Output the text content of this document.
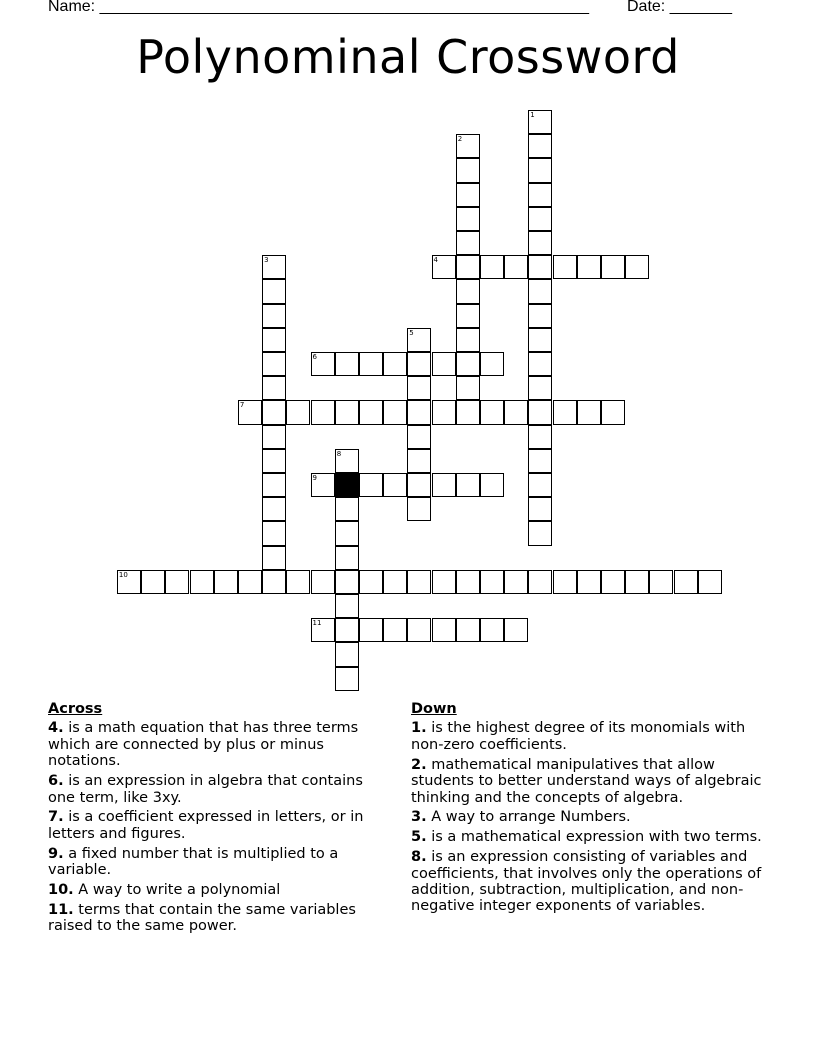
Name: _______________________________________________________ Date: _______
Polynominal Crossword
4
6
7
9
10
11
1
2
3
5
8
Across
4. is a math equation that has three terms which are connected by plus or minus notations.
6. is an expression in algebra that contains one term, like 3xy.
7. is a coefficient expressed in letters, or in letters and figures.
9. a fixed number that is multiplied to a variable.
10. A way to write a polynomial
11. terms that contain the same variables raised to the same power.
Down
1. is the highest degree of its monomials with non-zero coefficients.
2. mathematical manipulatives that allow students to better understand ways of algebraic thinking and the concepts of algebra.
3. A way to arrange Numbers.
5. is a mathematical expression with two terms.
8. is an expression consisting of variables and coefficients, that involves only the operations of addition, subtraction, multiplication, and non-negative integer exponents of variables.
